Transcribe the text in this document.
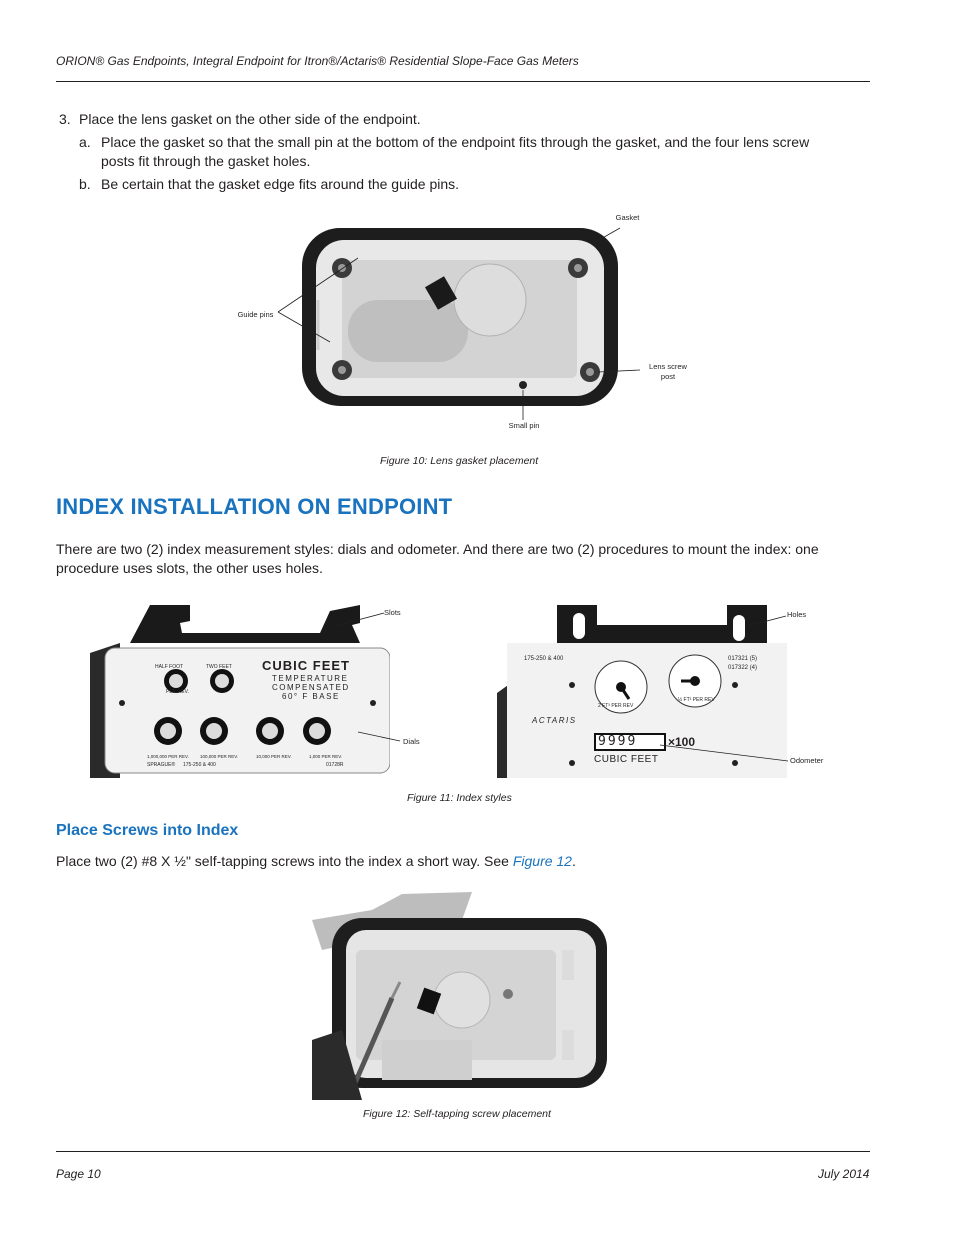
ORION® Gas Endpoints, Integral Endpoint for Itron®/Actaris® Residential Slope-Face Gas Meters
3. Place the lens gasket on the other side of the endpoint.
a. Place the gasket so that the small pin at the bottom of the endpoint fits through the gasket, and the four lens screw
posts fit through the gasket holes.
b. Be certain that the gasket edge fits around the guide pins.
Gasket
Guide pins
Lens screw
post
Small pin
Figure 10: Lens gasket placement
INDEX INSTALLATION ON ENDPOINT
There are two (2) index measurement styles: dials and odometer. And there are two (2) procedures to mount the index: one
procedure uses slots, the other uses holes.
CUBIC FEET
TEMPERATURE
COMPENSATED
60° F BASE
HALF FOOT	TWO FEET
PER REV.
1,000,000 PER REV. 100,000 PER REV.	10,000 PER REV.	1,000 PER REV.
SPRAGUE® 175-250 & 400	01728R
175-250 & 400	017321 (5)
017322 (4)
2 FT³ PER REV
½ FT³ PER REV
ACTARIS
9999	×100
CUBIC FEET
Slots
Dials
Holes
Odometer
Figure 11: Index styles
Place Screws into Index
Place two (2) #8 X ½" self-tapping screws into the index a short way. See Figure 12.
Figure 12: Self-tapping screw placement
Page 10	July 2014
